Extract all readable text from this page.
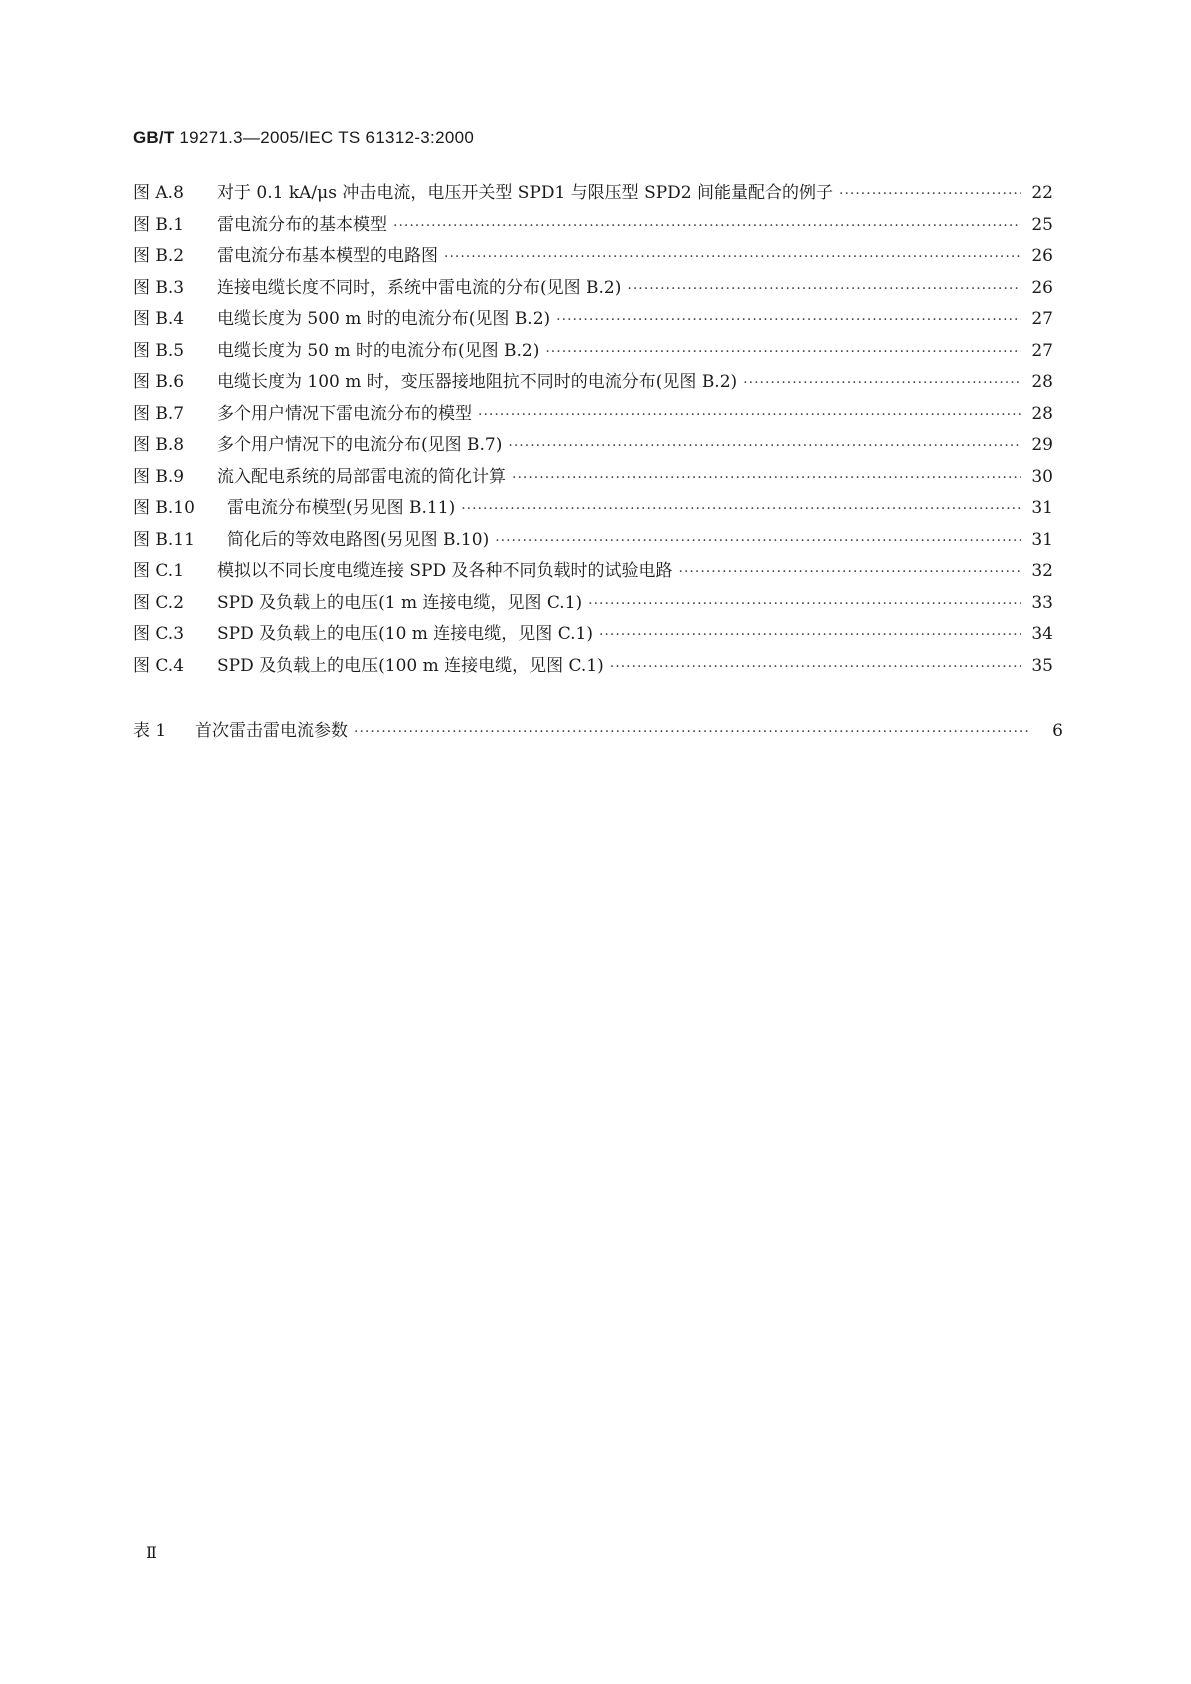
GB/T 19271.3—2005/IEC TS 61312-3:2000
图 A.8	对于 0.1 kA/μs 冲击电流，电压开关型 SPD1 与限压型 SPD2 间能量配合的例子 ·····	22
图 B.1	雷电流分布的基本模型 ·····	25
图 B.2	雷电流分布基本模型的电路图 ·····	26
图 B.3	连接电缆长度不同时，系统中雷电流的分布(见图 B.2) ·····	26
图 B.4	电缆长度为 500 m 时的电流分布(见图 B.2) ·····	27
图 B.5	电缆长度为 50 m 时的电流分布(见图 B.2) ·····	27
图 B.6	电缆长度为 100 m 时，变压器接地阻抗不同时的电流分布(见图 B.2) ·····	28
图 B.7	多个用户情况下雷电流分布的模型 ·····	28
图 B.8	多个用户情况下的电流分布(见图 B.7) ·····	29
图 B.9	流入配电系统的局部雷电流的简化计算 ·····	30
图 B.10	雷电流分布模型(另见图 B.11) ·····	31
图 B.11	简化后的等效电路图(另见图 B.10) ·····	31
图 C.1	模拟以不同长度电缆连接 SPD 及各种不同负载时的试验电路 ·····	32
图 C.2	SPD 及负载上的电压(1 m 连接电缆，见图 C.1) ·····	33
图 C.3	SPD 及负载上的电压(10 m 连接电缆，见图 C.1) ·····	34
图 C.4	SPD 及负载上的电压(100 m 连接电缆，见图 C.1) ·····	35
表 1	首次雷击雷电流参数 ·····	6
Ⅱ
